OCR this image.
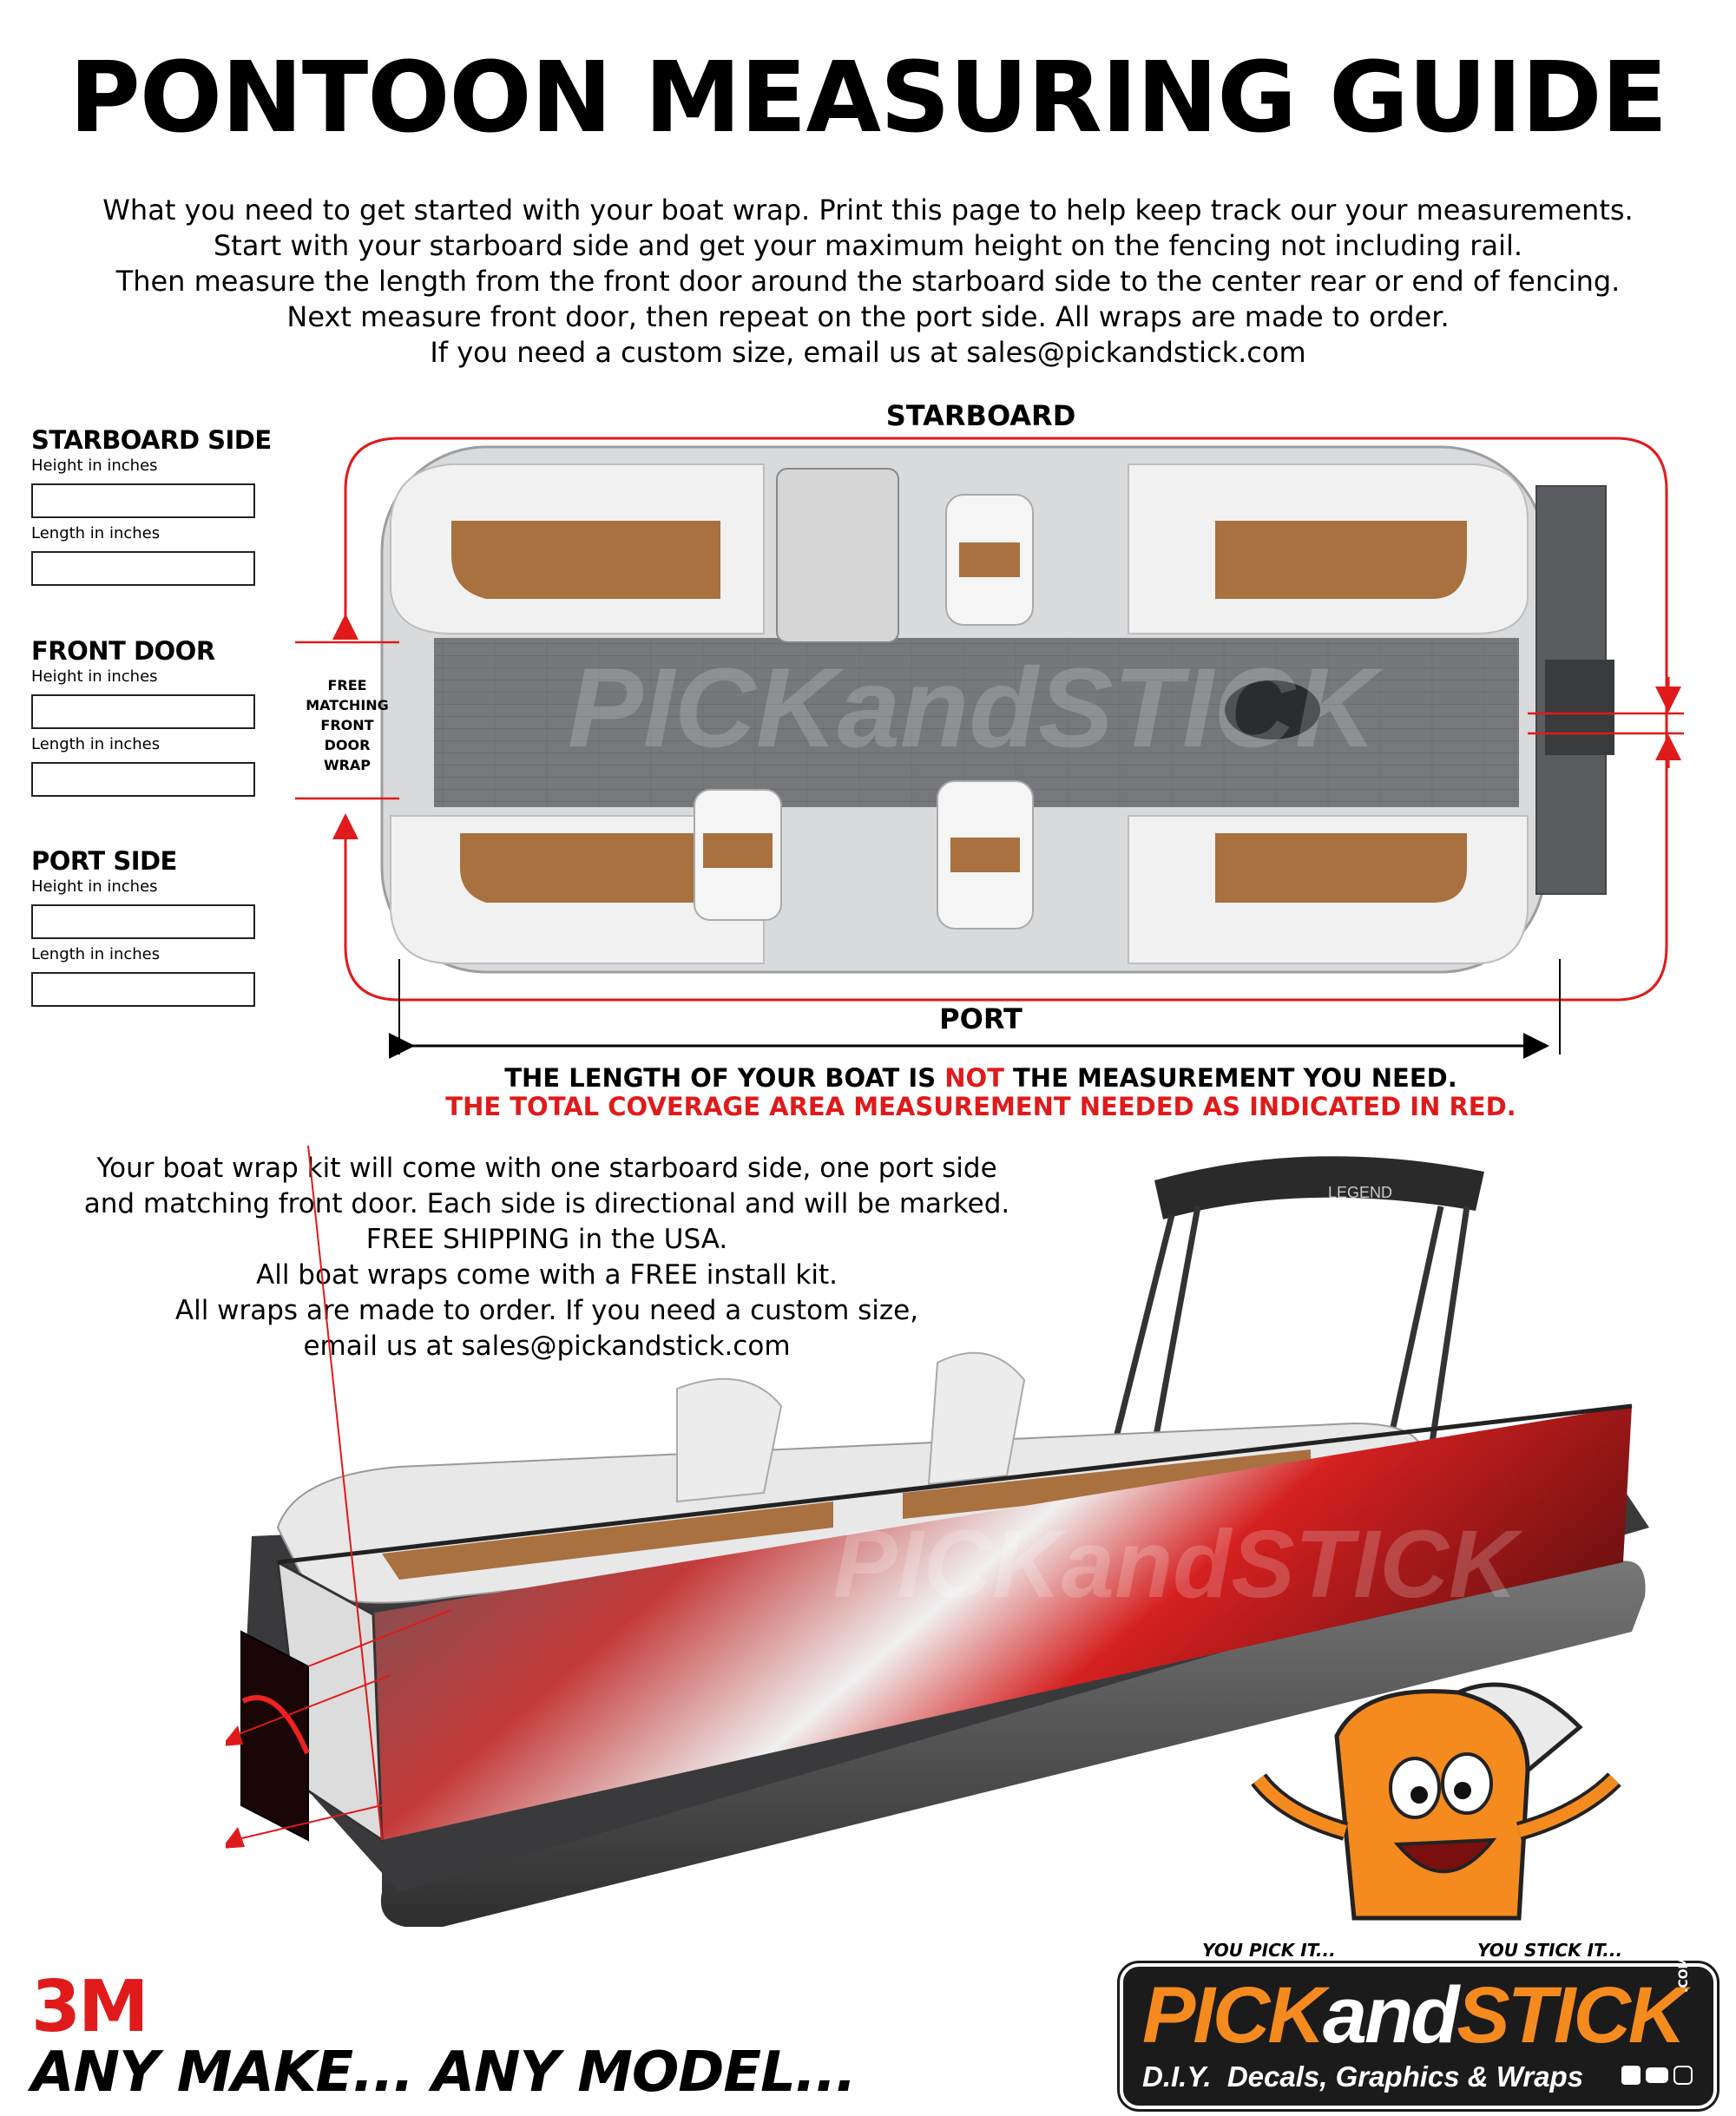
PONTOON MEASURING GUIDE
What you need to get started with your boat wrap. Print this page to help keep track our your measurements.
Start with your starboard side and get your maximum height on the fencing not including rail.
Then measure the length from the front door around the starboard side to the center rear or end of fencing.
Next measure front door, then repeat on the port side. All wraps are made to order.
If you need a custom size, email us at sales@pickandstick.com
STARBOARD SIDE
Height in inches
Length in inches
FRONT DOOR
Height in inches
Length in inches
PORT SIDE
Height in inches
Length in inches
STARBOARD
PORT
PICKandSTICK
FREE
MATCHING
FRONT
DOOR
WRAP
THE LENGTH OF YOUR BOAT IS NOT THE MEASUREMENT YOU NEED.
THE TOTAL COVERAGE AREA MEASUREMENT NEEDED AS INDICATED IN RED.
Your boat wrap kit will come with one starboard side, one port side
and matching front door. Each side is directional and will be marked.
FREE SHIPPING in the USA.
All boat wraps come with a FREE install kit.
All wraps are made to order. If you need a custom size,
email us at sales@pickandstick.com
LEGEND
PICKandSTICK
3M
ANY MAKE... ANY MODEL...
YOU PICK IT...	YOU STICK IT...
PICKandSTICK
.COM
D.I.Y.  Decals, Graphics & Wraps
